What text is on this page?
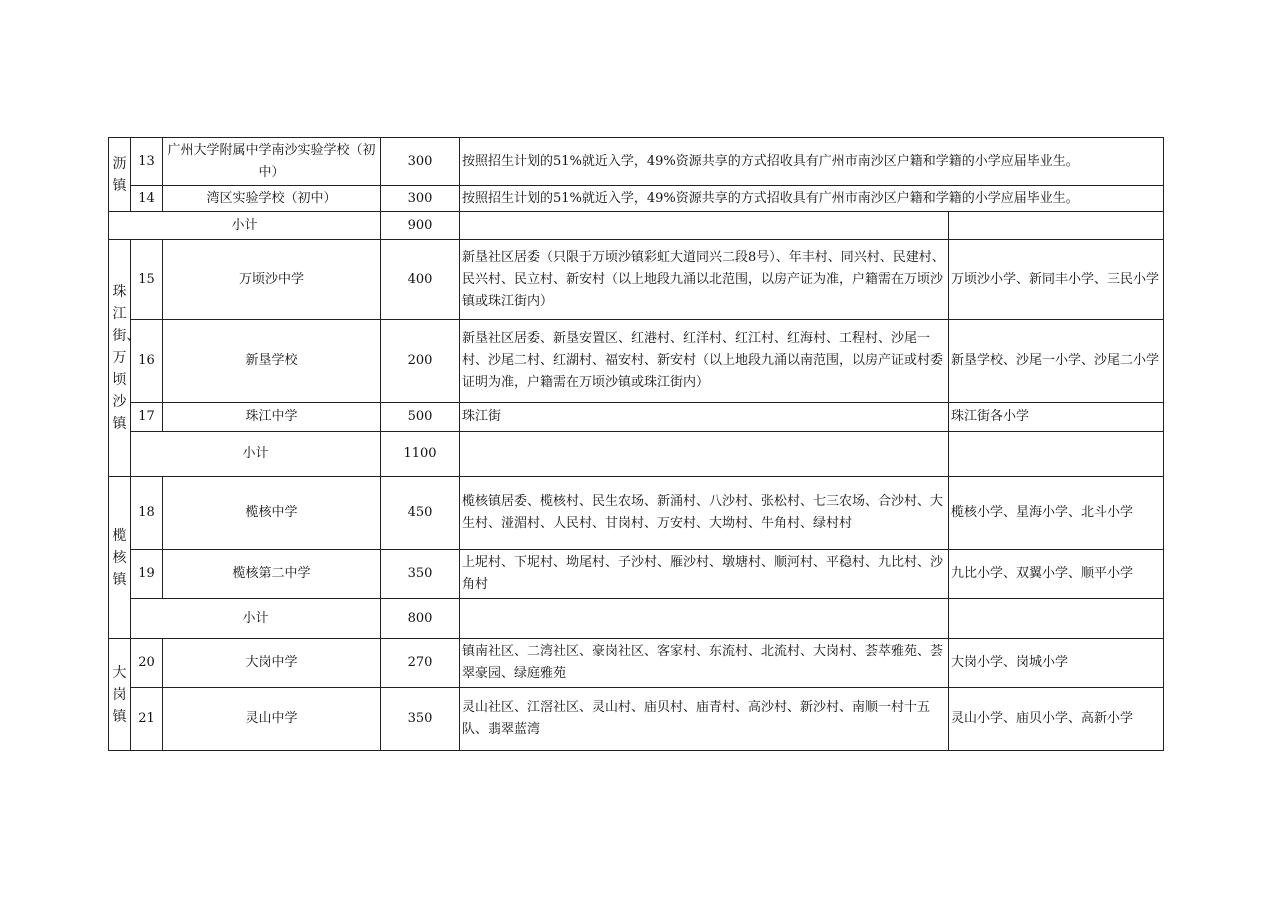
沥镇	13	广州大学附属中学南沙实验学校（初中）	300	按照招生计划的51%就近入学，49%资源共享的方式招收具有广州市南沙区户籍和学籍的小学应届毕业生。	
	14	湾区实验学校（初中）	300	按照招生计划的51%就近入学，49%资源共享的方式招收具有广州市南沙区户籍和学籍的小学应届毕业生。	
小计			900		

珠江街、万顷沙镇	15	万顷沙中学	400	新垦社区居委（只限于万顷沙镇彩虹大道同兴二段8号）、年丰村、同兴村、民建村、民兴村、民立村、新安村（以上地段九涌以北范围，以房产证为准，户籍需在万顷沙镇或珠江街内）	万顷沙小学、新同丰小学、三民小学
	16	新垦学校	200	新垦社区居委、新垦安置区、红港村、红洋村、红江村、红海村、工程村、沙尾一村、沙尾二村、红湖村、福安村、新安村（以上地段九涌以南范围，以房产证或村委证明为准，户籍需在万顷沙镇或珠江街内）	新垦学校、沙尾一小学、沙尾二小学
	17	珠江中学	500	珠江街	珠江街各小学
	小计		1100		

榄核镇	18	榄核中学	450	榄核镇居委、榄核村、民生农场、新涌村、八沙村、张松村、七三农场、合沙村、大生村、湴湄村、人民村、甘岗村、万安村、大坳村、牛角村、绿村村	榄核小学、星海小学、北斗小学
	19	榄核第二中学	350	上坭村、下坭村、坳尾村、子沙村、雁沙村、墩塘村、顺河村、平稳村、九比村、沙角村	九比小学、双翼小学、顺平小学
	小计		800		

大岗镇	20	大岗中学	270	镇南社区、二湾社区、豪岗社区、客家村、东流村、北流村、大岗村、荟萃雅苑、荟翠豪园、绿庭雅苑	大岗小学、岗城小学
	21	灵山中学	350	灵山社区、江滘社区、灵山村、庙贝村、庙青村、高沙村、新沙村、南顺一村十五队、翡翠蓝湾	灵山小学、庙贝小学、高新小学
